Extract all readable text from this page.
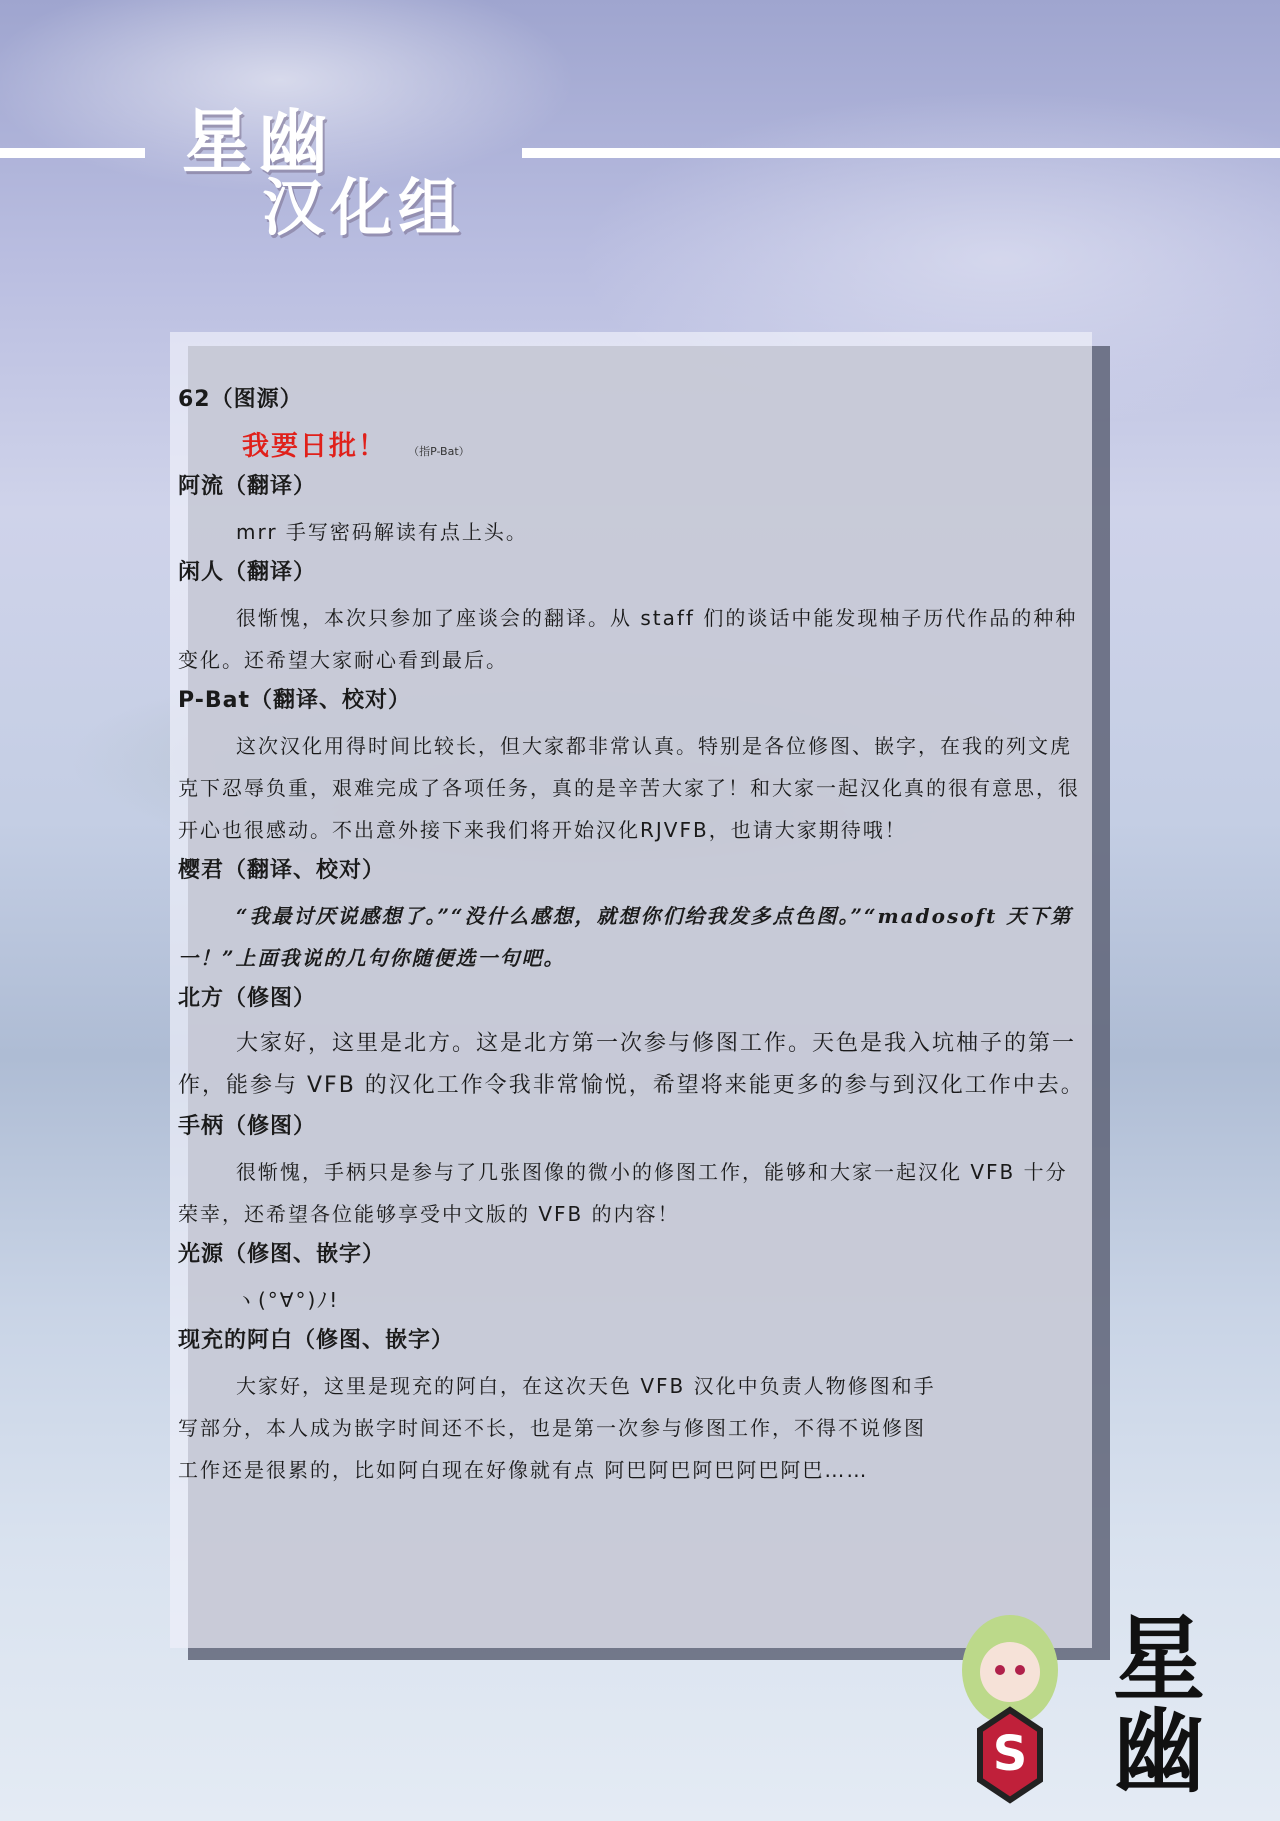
星幽
汉化组
62（图源）
我要日批！ （指P-Bat）
阿流（翻译）
mrr 手写密码解读有点上头。
闲人（翻译）
很惭愧，本次只参加了座谈会的翻译。从 staff 们的谈话中能发现柚子历代作品的种种变化。还希望大家耐心看到最后。
P-Bat（翻译、校对）
这次汉化用得时间比较长，但大家都非常认真。特别是各位修图、嵌字，在我的列文虎克下忍辱负重，艰难完成了各项任务，真的是辛苦大家了！和大家一起汉化真的很有意思，很开心也很感动。不出意外接下来我们将开始汉化RJVFB，也请大家期待哦！
樱君（翻译、校对）
“我最讨厌说感想了。”“没什么感想，就想你们给我发多点色图。”“madosoft 天下第一！”上面我说的几句你随便选一句吧。
北方（修图）
大家好，这里是北方。这是北方第一次参与修图工作。天色是我入坑柚子的第一作，能参与 VFB 的汉化工作令我非常愉悦，希望将来能更多的参与到汉化工作中去。
手柄（修图）
很惭愧，手柄只是参与了几张图像的微小的修图工作，能够和大家一起汉化 VFB 十分荣幸，还希望各位能够享受中文版的 VFB 的内容！
光源（修图、嵌字）
ヽ(°∀°)ﾉ!
现充的阿白（修图、嵌字）
大家好，这里是现充的阿白，在这次天色 VFB 汉化中负责人物修图和手写部分，本人成为嵌字时间还不长，也是第一次参与修图工作，不得不说修图工作还是很累的，比如阿白现在好像就有点 阿巴阿巴阿巴阿巴阿巴……
S 星幽
